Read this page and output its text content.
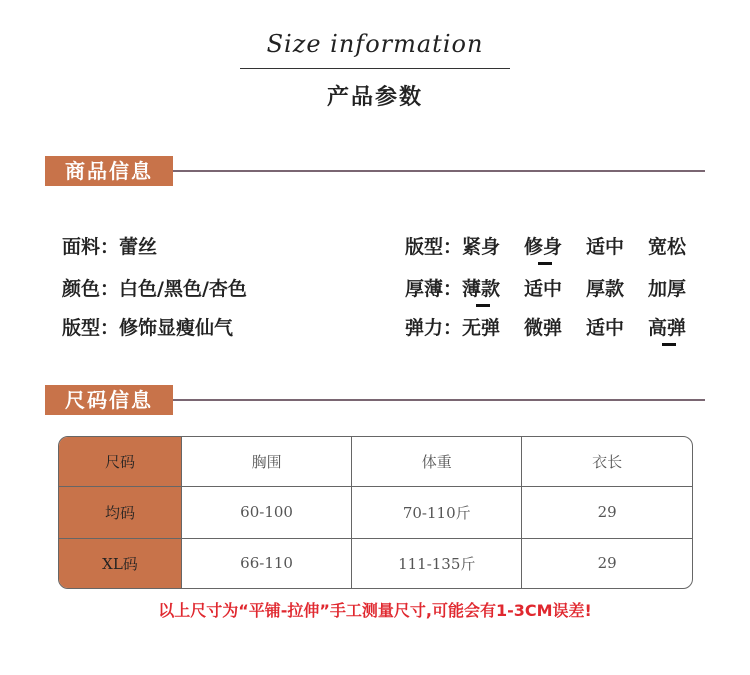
Size information
产品参数
商品信息
面料：蕾丝
颜色：白色/黑色/杏色
版型：修饰显瘦仙气
版型：紧身 修身 适中 宽松
厚薄：薄款 适中 厚款 加厚
弹力：无弹 微弹 适中 高弹
尺码信息
尺码	胸围	体重	衣长
均码	60-100	70-110斤	29
XL码	66-110	111-135斤	29
以上尺寸为“平铺-拉伸”手工测量尺寸,可能会有1-3CM误差!
